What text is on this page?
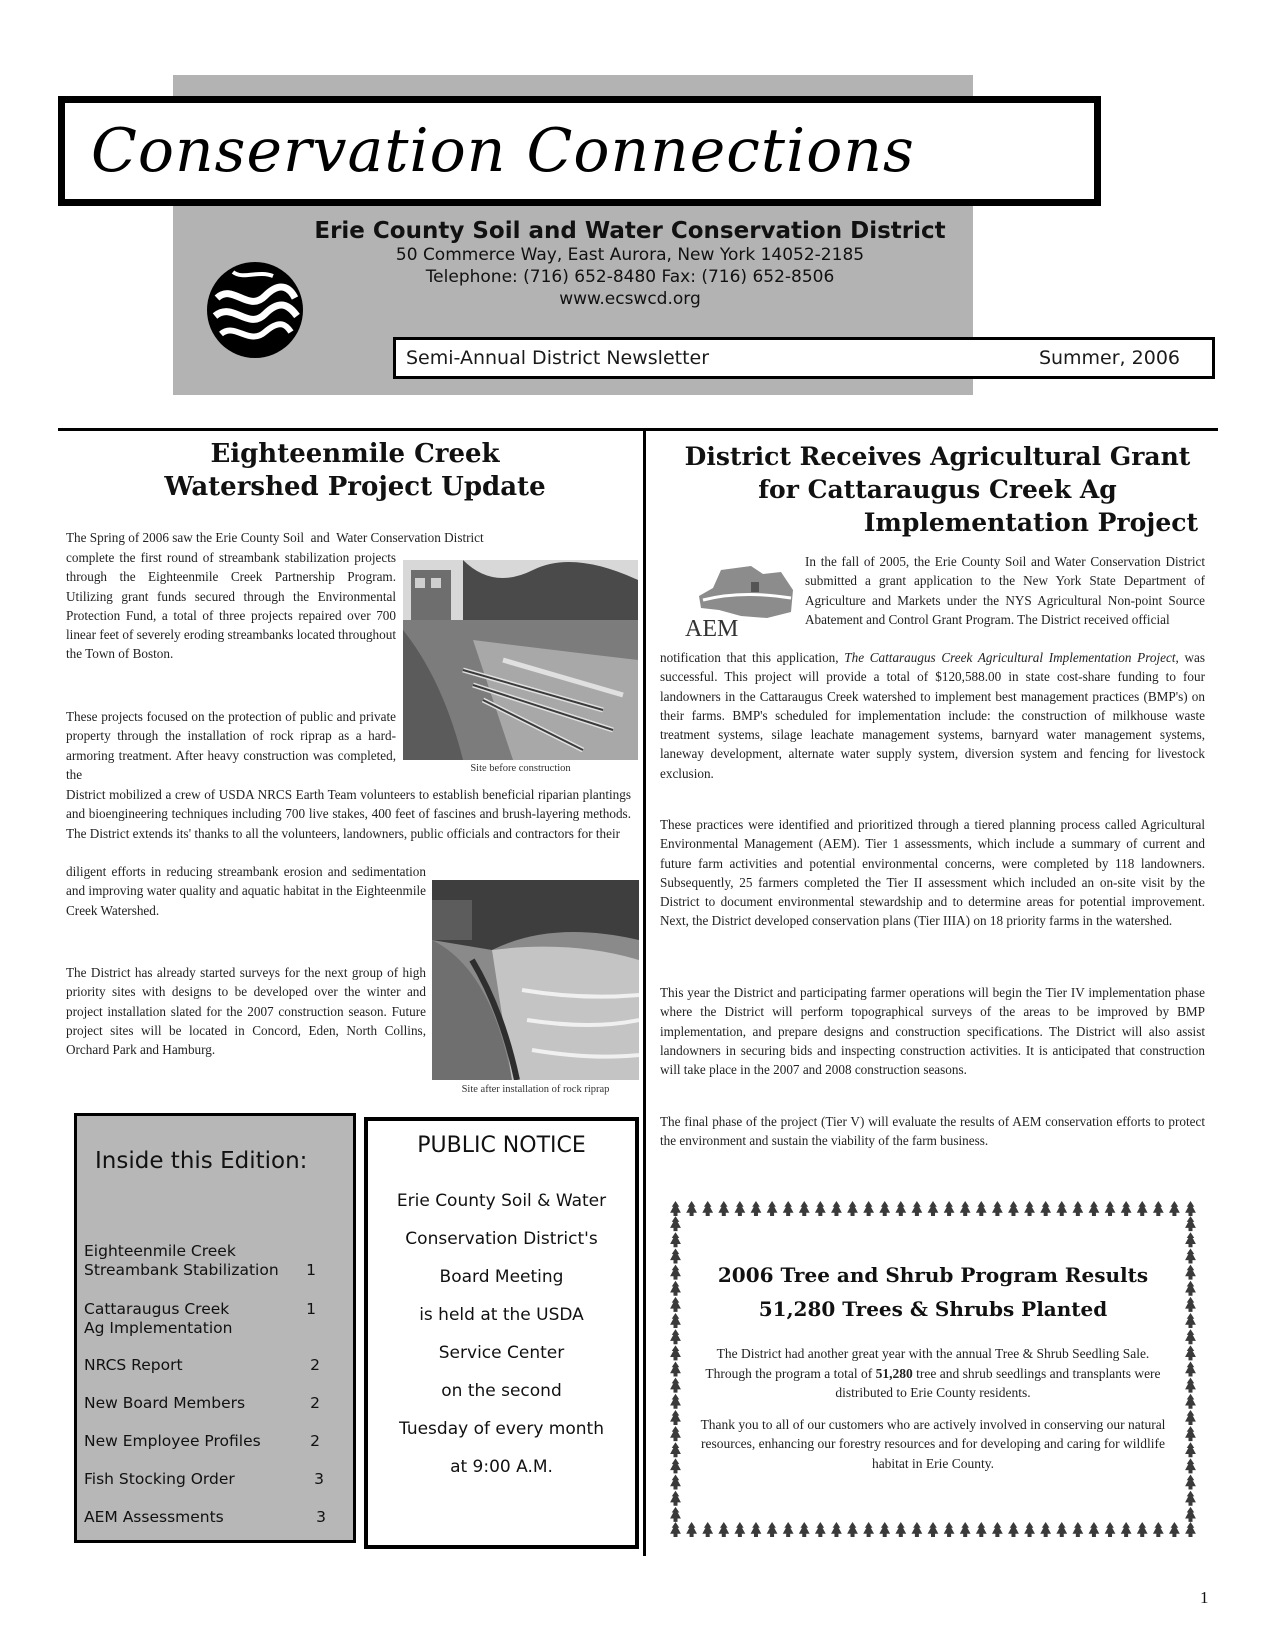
Conservation Connections
Erie County Soil and Water Conservation District
50 Commerce Way, East Aurora, New York 14052-2185
Telephone: (716) 652-8480 Fax: (716) 652-8506
www.ecswcd.org
Semi-Annual District Newsletter	Summer, 2006
Eighteenmile Creek
Watershed Project Update
The Spring of 2006 saw the Erie County Soil  and  Water Conservation District
complete the first round of streambank stabilization projects through the Eighteenmile Creek Partnership Program. Utilizing grant funds secured through the Environmental Protection Fund, a total of three projects repaired over 700 linear feet of severely eroding streambanks located throughout the Town of Boston.
These projects focused on the protection of public and private property through the installation of rock riprap as a hard-armoring treatment. After heavy construction was completed, the
District mobilized a crew of USDA NRCS Earth Team volunteers to establish beneficial riparian plantings and bioengineering techniques including 700 live stakes, 400 feet of fascines and brush-layering methods. The District extends its' thanks to all the volunteers, landowners, public officials and contractors for their
diligent efforts in reducing streambank erosion and sedimentation and improving water quality and aquatic habitat in the Eighteenmile Creek Watershed.
The District has already started surveys for the next group of high priority sites with designs to be developed over the winter and project installation slated for the 2007 construction season. Future project sites will be located in Concord, Eden, North Collins, Orchard Park and Hamburg.
Site before construction
Site after installation of rock riprap
Inside this Edition:
Eighteenmile Creek
Streambank Stabilization	1
Cattaraugus Creek
Ag Implementation
1
NRCS Report	2
New Board Members	2
New Employee Profiles	2
Fish Stocking Order	3
AEM Assessments	3
PUBLIC NOTICE
Erie County Soil & Water
Conservation District's
Board Meeting
is held at the USDA
Service Center
on the second
Tuesday of every month
at 9:00 A.M.
District Receives Agricultural Grant
for Cattaraugus Creek Ag
Implementation Project
AEM
In the fall of 2005, the Erie County Soil and Water Conservation District submitted a grant application to the New York State Department of Agriculture and Markets under the NYS Agricultural Non-point Source Abatement and Control Grant Program. The District received official
notification that this application, The Cattaraugus Creek Agricultural Implementation Project, was successful. This project will provide a total of $120,588.00 in state cost-share funding to four landowners in the Cattaraugus Creek watershed to implement best management practices (BMP's) on their farms. BMP's scheduled for implementation include: the construction of milkhouse waste treatment systems, silage leachate management systems, barnyard water management systems, laneway development, alternate water supply system, diversion system and fencing for livestock exclusion.
These practices were identified and prioritized through a tiered planning process called Agricultural Environmental Management (AEM). Tier 1 assessments, which include a summary of current and future farm activities and potential environmental concerns, were completed by 118 landowners. Subsequently, 25 farmers completed the Tier II assessment which included an on-site visit by the District to document environmental stewardship and to determine areas for potential improvement. Next, the District developed conservation plans (Tier IIIA) on 18 priority farms in the watershed.
This year the District and participating farmer operations will begin the Tier IV implementation phase where the District will perform topographical surveys of the areas to be improved by BMP implementation, and prepare designs and construction specifications. The District will also assist landowners in securing bids and inspecting construction activities. It is anticipated that construction will take place in the 2007 and 2008 construction seasons.
The final phase of the project (Tier V) will evaluate the results of AEM conservation efforts to protect the environment and sustain the viability of the farm business.
2006 Tree and Shrub Program Results
51,280 Trees & Shrubs Planted
The District had another great year with the annual Tree & Shrub Seedling Sale. Through the program a total of 51,280 tree and shrub seedlings and transplants were distributed to Erie County residents.
Thank you to all of our customers who are actively involved in conserving our natural resources, enhancing our forestry resources and for developing and caring for wildlife habitat in Erie County.
1
